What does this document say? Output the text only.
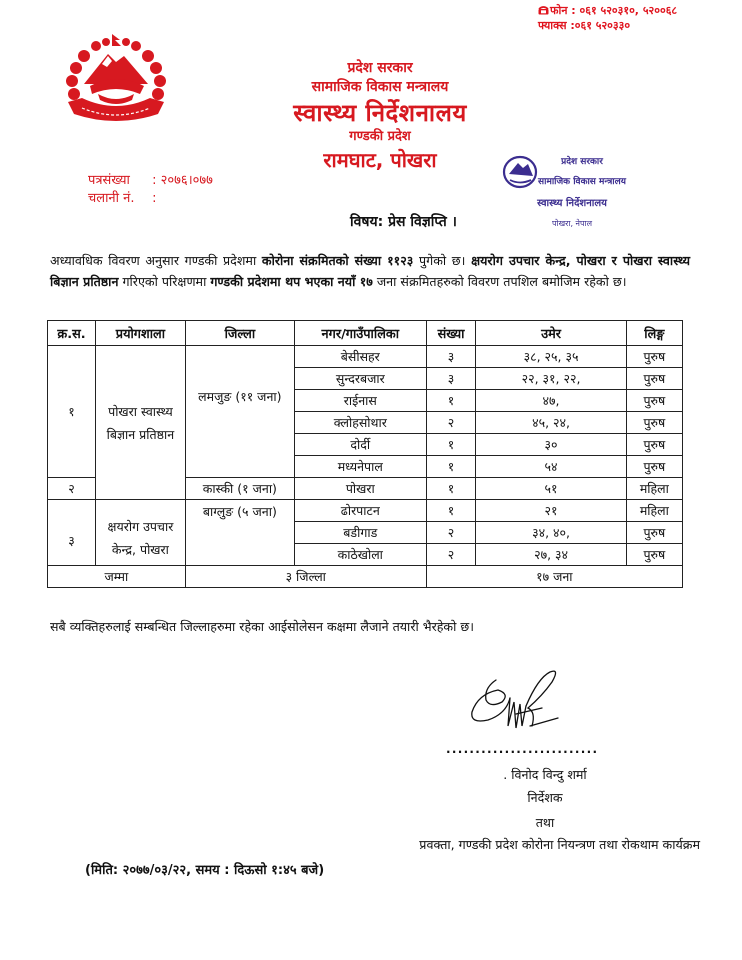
फोन : ०६१ ५२०३१०, ५२००६८
फ्याक्स :०६१ ५२०३३०
प्रदेश सरकार
सामाजिक विकास मन्त्रालय
स्वास्थ्य निर्देशनालय
गण्डकी प्रदेश
रामघाट, पोखरा
पत्रसंख्या : २०७६।०७७
चलानी नं. :
विषय: प्रेस विज्ञप्ति ।
प्रदेश सरकार
सामाजिक विकास मन्त्रालय
स्वास्थ्य निर्देशनालय
पोखरा, नेपाल
अध्यावधिक विवरण अनुसार गण्डकी प्रदेशमा कोरोना संक्रमितको संख्या ११२३ पुगेको छ। क्षयरोग उपचार केन्द्र, पोखरा र पोखरा स्वास्थ्य बिज्ञान प्रतिष्ठान गरिएको परिक्षणमा गण्डकी प्रदेशमा थप भएका नयाँ १७ जना संक्रमितहरुको विवरण तपशिल बमोजिम रहेको छ।
क्र.स.	प्रयोगशाला	जिल्ला	नगर/गाउँपालिका	संख्या	उमेर	लिङ्ग
१	पोखरा स्वास्थ्य बिज्ञान प्रतिष्ठान	लमजुङ (११ जना)	बेसीसहर	३	३८, २५, ३५	पुरुष
			सुन्दरबजार	३	२२, ३१, २२,	पुरुष
			राईनास	१	४७,	पुरुष
			क्लोहसोथार	२	४५, २४,	पुरुष
			दोर्दी	१	३०	पुरुष
			मध्यनेपाल	१	५४	पुरुष
२		कास्की (१ जना)	पोखरा	१	५१	महिला
३	क्षयरोग उपचार केन्द्र, पोखरा	बाग्लुङ (५ जना)	ढोरपाटन	१	२१	महिला
			बडीगाड	२	३४, ४०,	पुरुष
			काठेखोला	२	२७, ३४	पुरुष
जम्मा		३ जिल्ला		१७ जना		
सबै व्यक्तिहरुलाई सम्बन्धित जिल्लाहरुमा रहेका आईसोलेसन कक्षमा लैजाने तयारी भैरहेको छ।
..........................
. विनोद विन्दु शर्मा
निर्देशक
तथा
प्रवक्ता, गण्डकी प्रदेश कोरोना नियन्त्रण तथा रोकथाम कार्यक्रम
(मिति: २०७७/०३/२२, समय : दिऊसो १:४५ बजे)
